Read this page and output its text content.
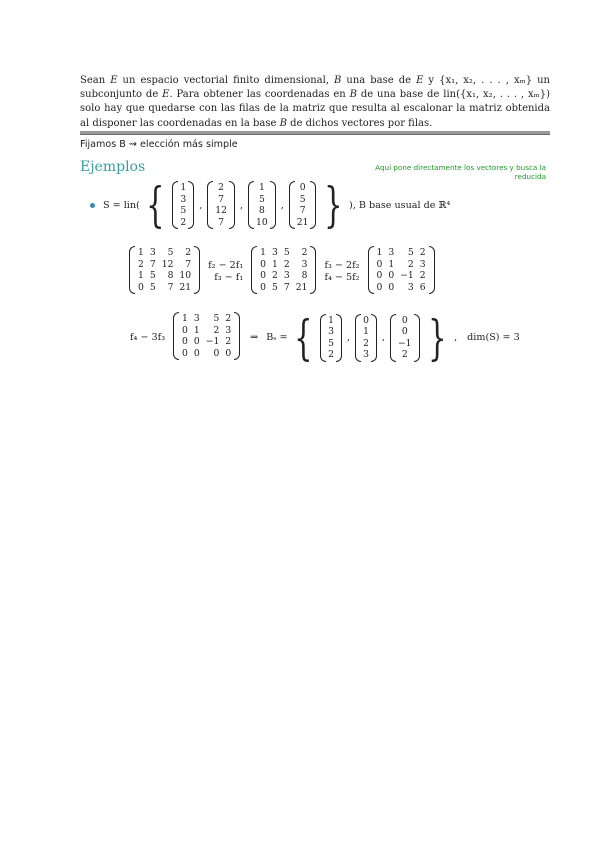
Sean E un espacio vectorial finito dimensional, B una base de E y {x₁, x₂, . . . , xₘ} un subconjunto de E. Para obtener las coordenadas en B de una base de lin({x₁, x₂, . . . , xₘ}) solo hay que quedarse con las filas de la matriz que resulta al escalonar la matriz obtenida al disponer las coordenadas en la base B de dichos vectores por filas.
Fijamos B ⇝ elección más simple
Ejemplos	Aquí pone directamente los vectores y busca la reducida
S = lin( { 1
3
5
2
,
2
7
12
7
,
1
5
8
10
,
0
5
7
21 } ), B base usual de ℝ⁴
1	3	5	2
2	7	12	7
1	5	8	10
0	5	7	21
f₂ − 2f₁
f₃ − f₁
1	3	5	2
0	1	2	3
0	2	3	8
0	5	7	21
f₃ − 2f₂
f₄ − 5f₂
1	3	5	2
0	1	2	3
0	0	−1	2
0	0	3	6
f₄ − 3f₃
1	3	5	2
0	1	2	3
0	0	−1	2
0	0	0	0
⇒ Bₛ = { 1
3
5
2
,
0
1
2
3
,
0
0
−1
2 } , dim(S) = 3
